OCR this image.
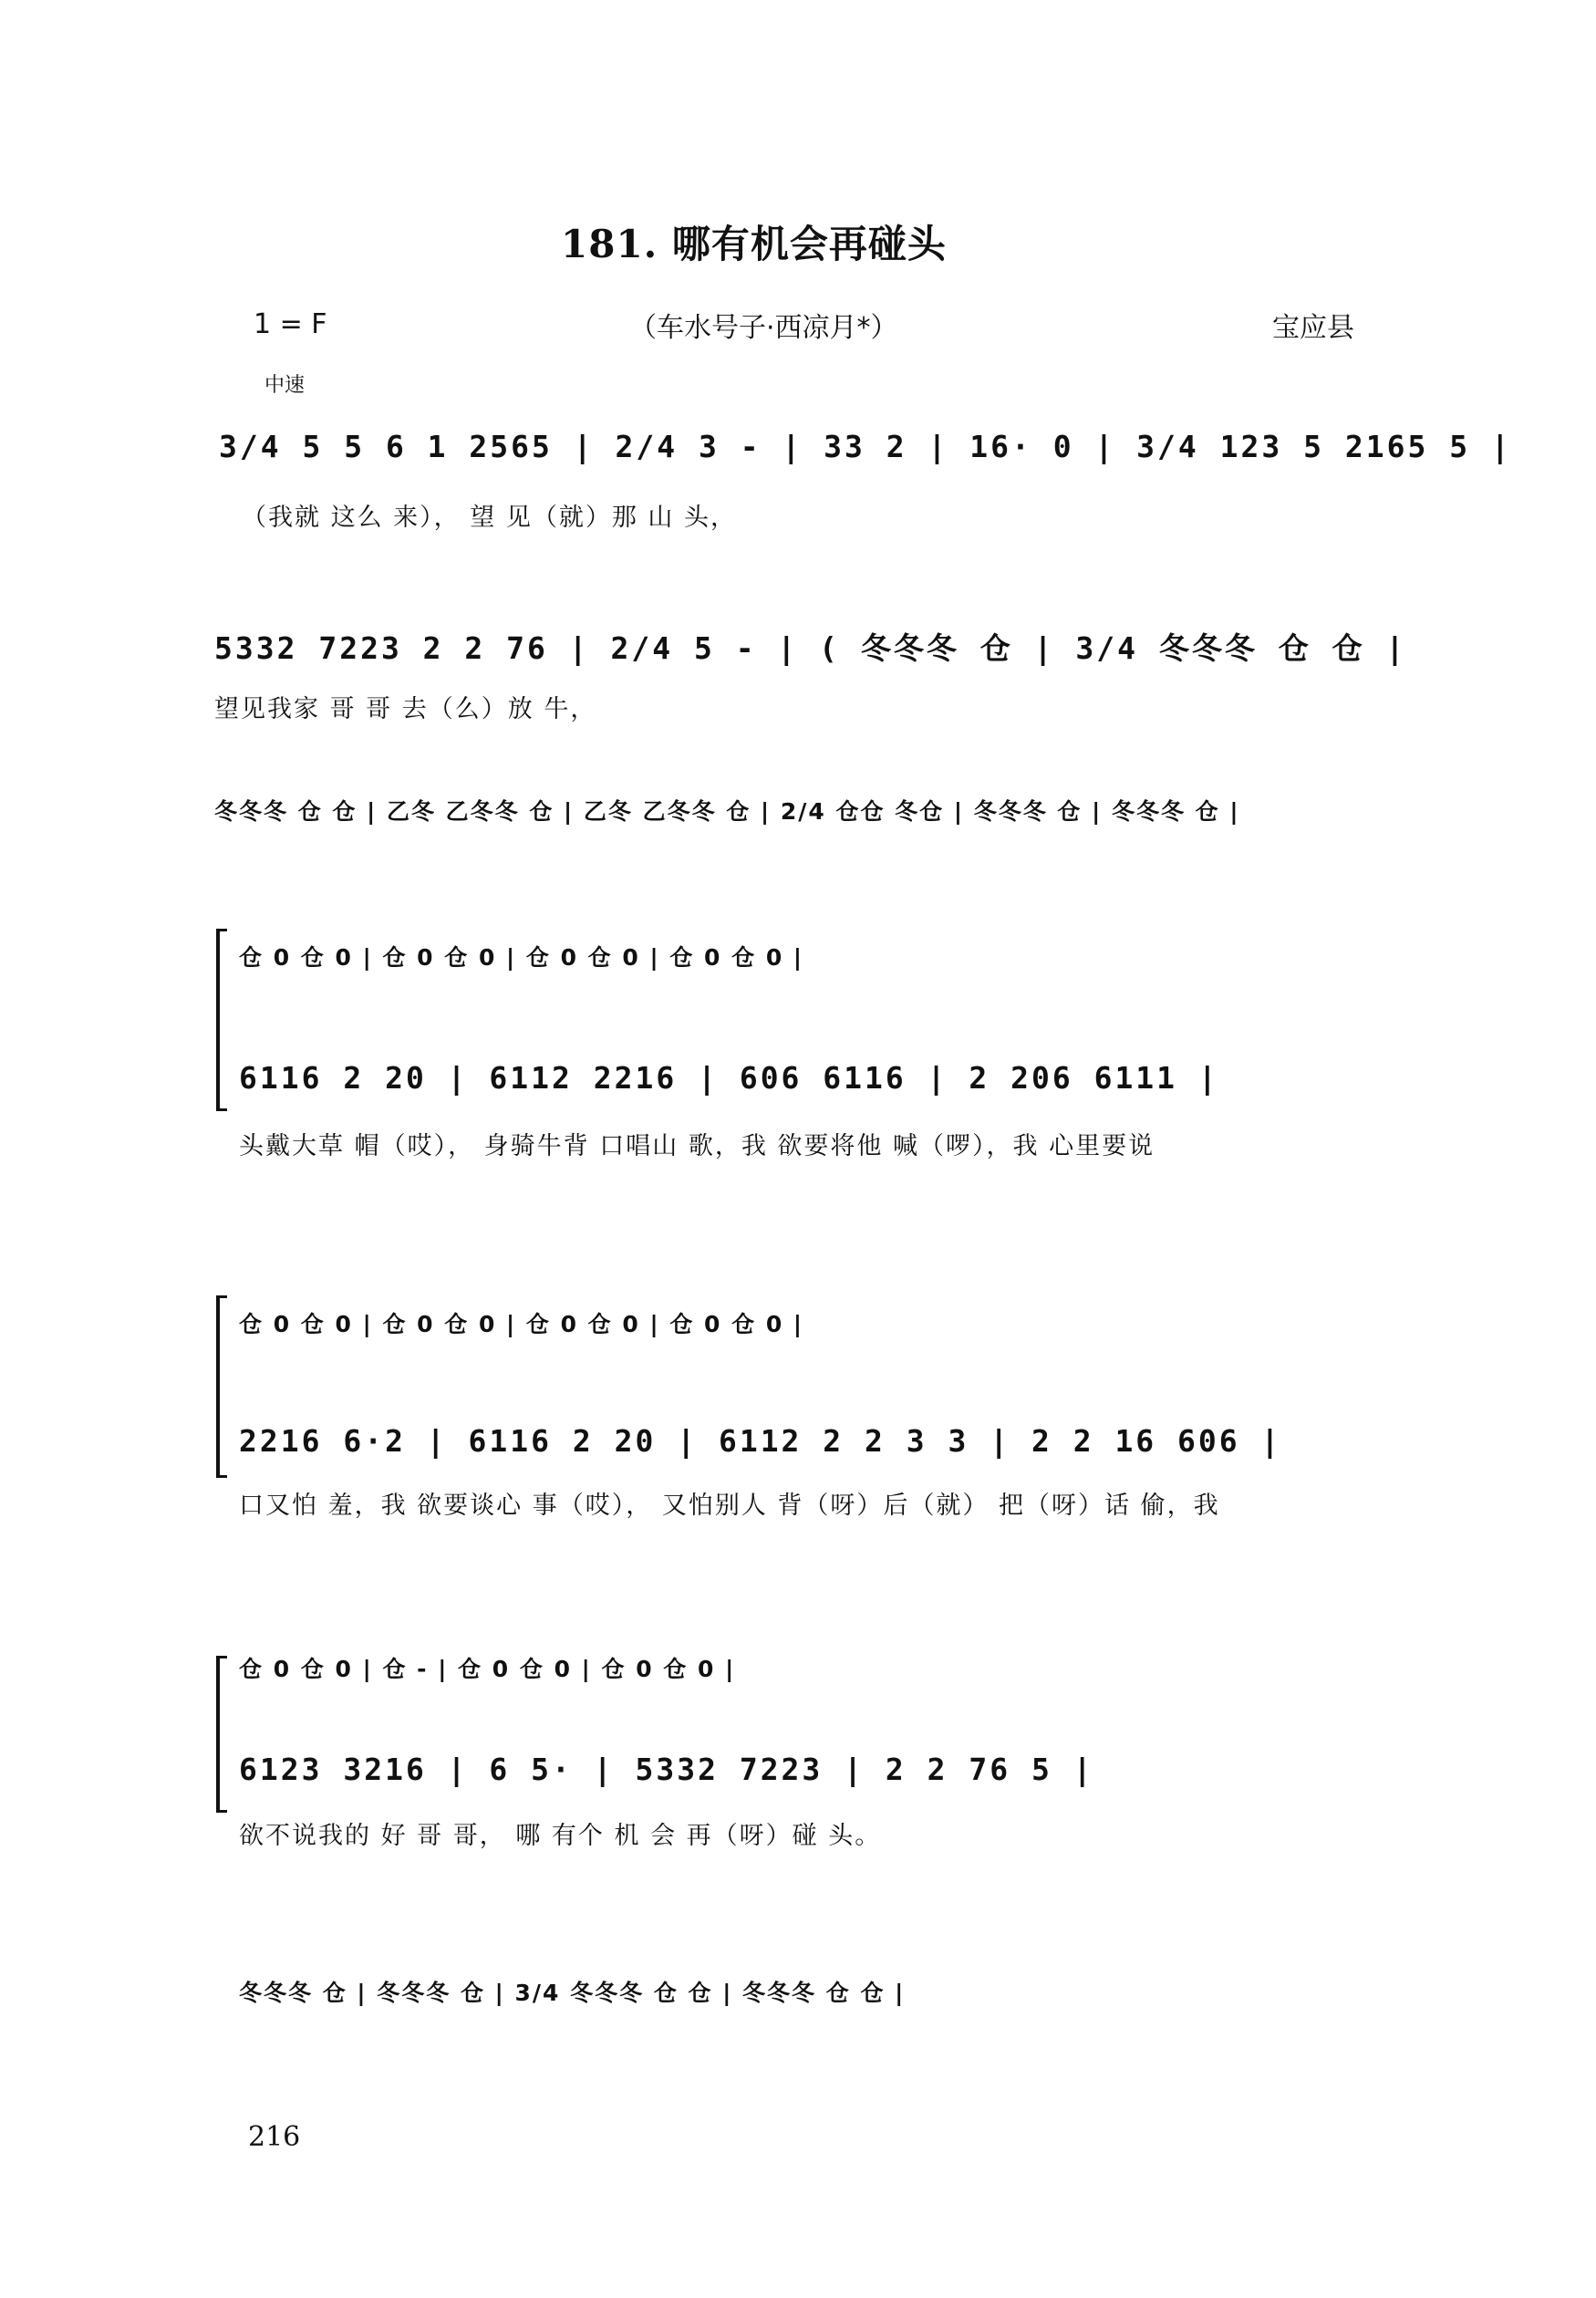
181. 哪有机会再碰头
1 = F	（车水号子·西凉月*）	宝应县
中速
3/4 5 5 6 1 2565 | 2/4 3 - | 33 2 | 16· 0 | 3/4 123 5 2165 5 |
（我就 这么 来）， 望 见（就）那 山 头，
5332 7223 2 2 76 | 2/4 5 - | ( 冬冬冬 仓 | 3/4 冬冬冬 仓 仓 |
望见我家 哥 哥 去（么）放 牛，
冬冬冬 仓 仓 | 乙冬 乙冬冬 仓 | 乙冬 乙冬冬 仓 | 2/4 仓仓 冬仓 | 冬冬冬 仓 | 冬冬冬 仓 |
仓 0 仓 0 | 仓 0 仓 0 | 仓 0 仓 0 | 仓 0 仓 0 |
6116 2 20 | 6112 2216 | 606 6116 | 2 206 6111 |
头戴大草 帽（哎）， 身骑牛背 口唱山 歌，我 欲要将他 喊（啰），我 心里要说
仓 0 仓 0 | 仓 0 仓 0 | 仓 0 仓 0 | 仓 0 仓 0 |
2216 6·2 | 6116 2 20 | 6112 2 2 3 3 | 2 2 16 606 |
口又怕 羞，我 欲要谈心 事（哎）， 又怕别人 背（呀）后（就） 把（呀）话 偷，我
仓 0 仓 0 | 仓 - | 仓 0 仓 0 | 仓 0 仓 0 |
6123 3216 | 6 5· | 5332 7223 | 2 2 76 5 |
欲不说我的 好 哥 哥， 哪 有个 机 会 再（呀）碰 头。
冬冬冬 仓 | 冬冬冬 仓 | 3/4 冬冬冬 仓 仓 | 冬冬冬 仓 仓 |
216
